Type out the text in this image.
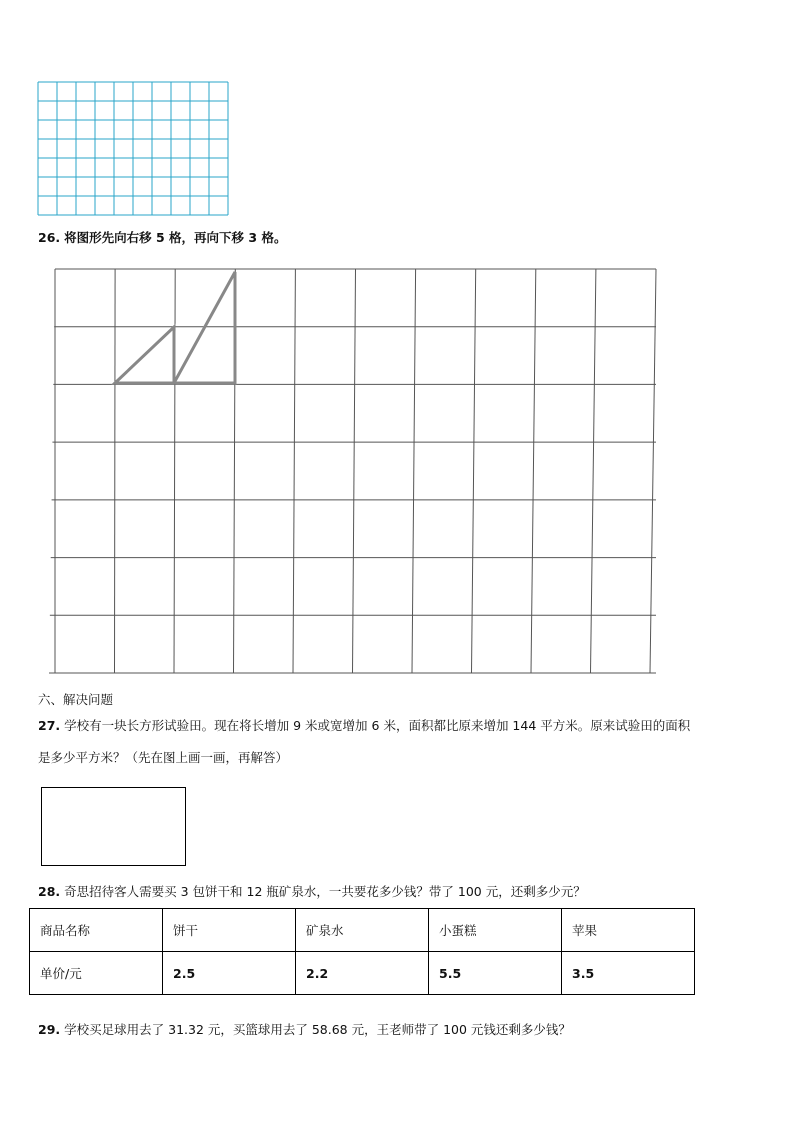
26. 将图形先向右移 5 格，再向下移 3 格。
六、解决问题
27. 学校有一块长方形试验田。现在将长增加 9 米或宽增加 6 米，面积都比原来增加 144 平方米。原来试验田的面积
是多少平方米？（先在图上画一画，再解答）
28. 奇思招待客人需要买 3 包饼干和 12 瓶矿泉水，一共要花多少钱？带了 100 元，还剩多少元？
商品名称	饼干	矿泉水	小蛋糕	苹果
单价/元	2.5	2.2	5.5	3.5
29. 学校买足球用去了 31.32 元，买篮球用去了 58.68 元，王老师带了 100 元钱还剩多少钱？
